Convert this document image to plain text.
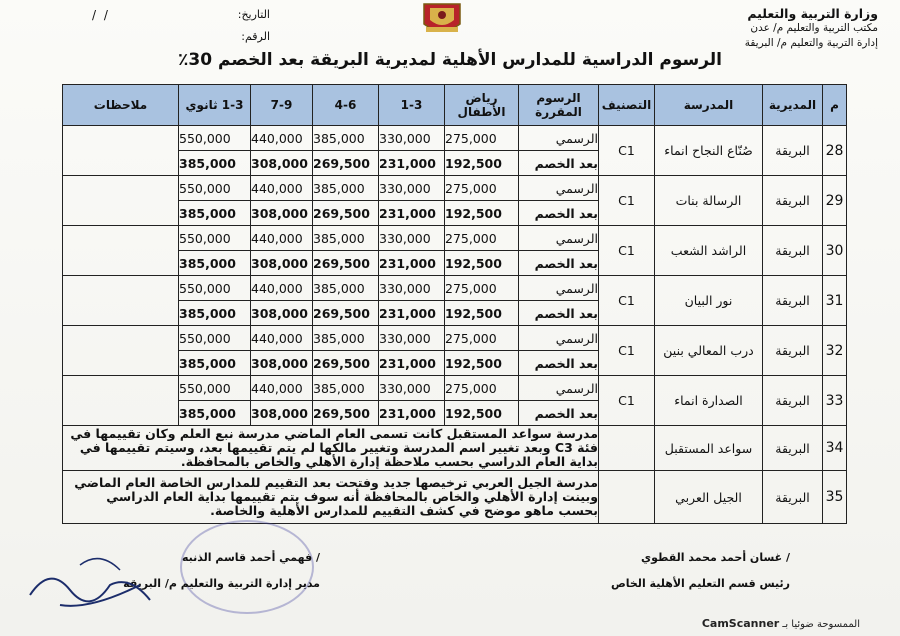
وزارة التربية والتعليم
مكتب التربية والتعليم م/ عدن
إدارة التربية والتعليم م/ البريقة
التاريخ:
/ /
الرقم:
الرسوم الدراسية للمدارس الأهلية لمديرية البريقة بعد الخصم 30٪
م	المديرية	المدرسة	التصنيف	الرسوم المقررة	رياض الأطفال	1-3	4-6	7-9	1-3 ثانوي	ملاحظات
28	البريقة	صُنّاع النجاح انماء	C1	الرسمي	275,000	330,000	385,000	440,000	550,000	
				بعد الخصم	192,500	231,000	269,500	308,000	385,000	
29	البريقة	الرسالة بنات	C1	الرسمي	275,000	330,000	385,000	440,000	550,000	
				بعد الخصم	192,500	231,000	269,500	308,000	385,000	
30	البريقة	الراشد الشعب	C1	الرسمي	275,000	330,000	385,000	440,000	550,000	
				بعد الخصم	192,500	231,000	269,500	308,000	385,000	
31	البريقة	نور البيان	C1	الرسمي	275,000	330,000	385,000	440,000	550,000	
				بعد الخصم	192,500	231,000	269,500	308,000	385,000	
32	البريقة	درب المعالي بنين	C1	الرسمي	275,000	330,000	385,000	440,000	550,000	
				بعد الخصم	192,500	231,000	269,500	308,000	385,000	
33	البريقة	الصدارة انماء	C1	الرسمي	275,000	330,000	385,000	440,000	550,000	
				بعد الخصم	192,500	231,000	269,500	308,000	385,000	
34	البريقة	سواعد المستقبل		مدرسة سواعد المستقبل كانت تسمى العام الماضي مدرسة نبع العلم وكان تقييمها في فئة C3 وبعد تغيير اسم المدرسة وتغيير مالكها لم يتم تقييمها بعد، وسيتم تقييمها في بداية العام الدراسي بحسب ملاحظة إدارة الأهلي والخاص بالمحافظة.						
35	البريقة	الجيل العربي		مدرسة الجيل العربي ترخيصها جديد وفتحت بعد التقييم للمدارس الخاصة العام الماضي وبينت إدارة الأهلي والخاص بالمحافظة أنه سوف يتم تقييمها بداية العام الدراسي بحسب ماهو موضح في كشف التقييم للمدارس الأهلية والخاصة.						
/ غسان أحمد محمد القطوي
رئيس قسم التعليم الأهلية الخاص
/ فهمي أحمد قاسم الذنبه
مدير إدارة التربية والتعليم م/ البريقة
الممسوحة ضوئيا بـ CamScanner
